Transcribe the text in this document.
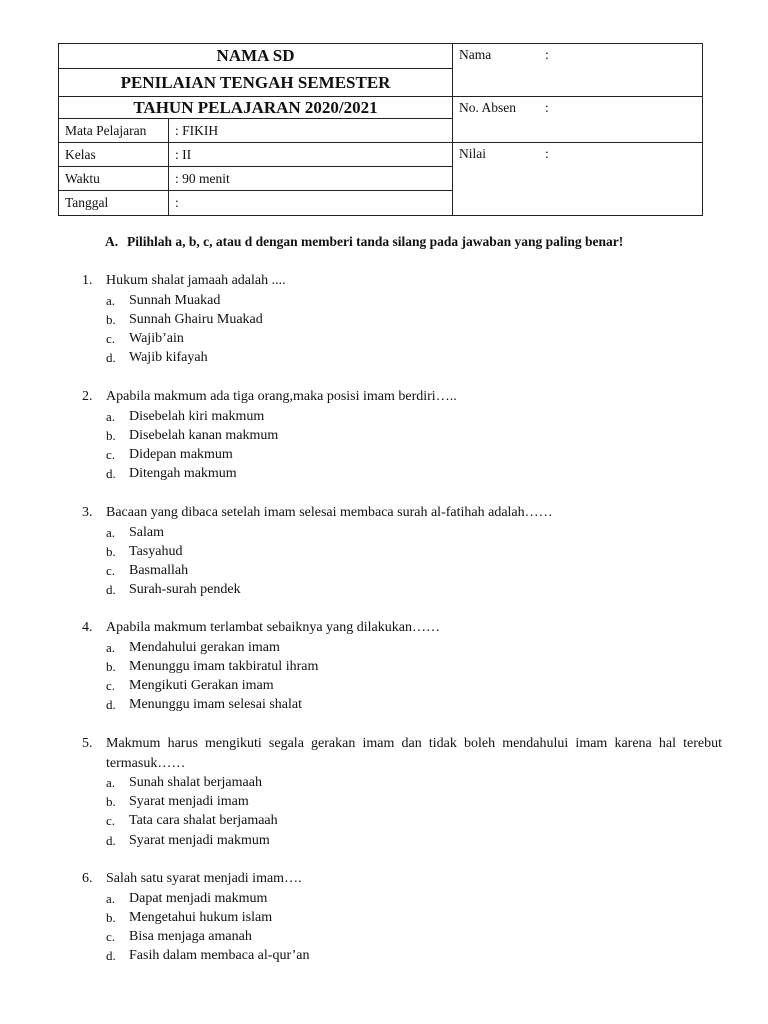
NAMA SD		Nama :
PENILAIAN TENGAH SEMESTER		
TAHUN PELAJARAN 2020/2021		No. Absen :
Mata Pelajaran	: FIKIH	
Kelas	: II	Nilai :
Waktu	: 90 menit	
Tanggal	:	
A. Pilihlah a, b, c, atau d dengan memberi tanda silang pada jawaban yang paling benar!
1. Hukum shalat jamaah adalah ....
a. Sunnah Muakad
b. Sunnah Ghairu Muakad
c. Wajib’ain
d. Wajib kifayah
2. Apabila makmum ada tiga orang,maka posisi imam berdiri…..
a. Disebelah kiri makmum
b. Disebelah kanan makmum
c. Didepan makmum
d. Ditengah makmum
3. Bacaan yang dibaca setelah imam selesai membaca surah al-fatihah adalah……
a. Salam
b. Tasyahud
c. Basmallah
d. Surah-surah pendek
4. Apabila makmum terlambat sebaiknya yang dilakukan……
a. Mendahului gerakan imam
b. Menunggu imam takbiratul ihram
c. Mengikuti Gerakan imam
d. Menunggu imam selesai shalat
5. Makmum harus mengikuti segala gerakan imam dan tidak boleh mendahului imam karena hal terebut termasuk……
a. Sunah shalat berjamaah
b. Syarat menjadi imam
c. Tata cara shalat berjamaah
d. Syarat menjadi makmum
6. Salah satu syarat menjadi imam….
a. Dapat menjadi makmum
b. Mengetahui hukum islam
c. Bisa menjaga amanah
d. Fasih dalam membaca al-qur’an
